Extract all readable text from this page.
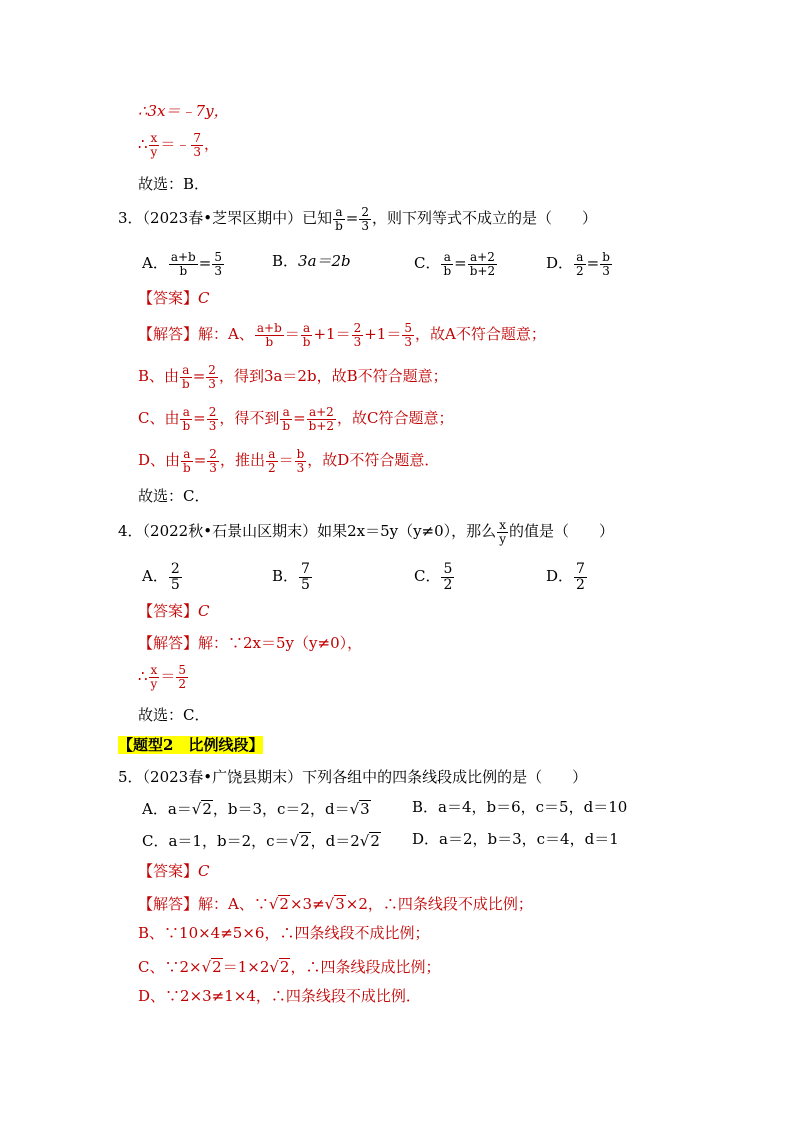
∴3x＝﹣7y，
∴ $\frac{x}{y}$ ＝﹣ $\frac{7}{3}$ ，
故选：B．
3．（2023春•芝罘区期中）已知 $\frac{a}{b} = \frac{2}{3}$ ，则下列等式不成立的是（　　）
A． $\frac{a+b}{b} = \frac{5}{3}$	B．3a＝2b	C． $\frac{a}{b} = \frac{a+2}{b+2}$	D． $\frac{a}{2} = \frac{b}{3}$
【答案】C
【解答】解：A、 $\frac{a+b}{b} = \frac{a}{b} +1= \frac{2}{3} +1= \frac{5}{3}$ ，故A不符合题意；
B、由 $\frac{a}{b} = \frac{2}{3}$ ，得到3a＝2b，故B不符合题意；
C、由 $\frac{a}{b} = \frac{2}{3}$ ，得不到 $\frac{a}{b} = \frac{a+2}{b+2}$ ，故C符合题意；
D、由 $\frac{a}{b} = \frac{2}{3}$ ，推出 $\frac{a}{2} = \frac{b}{3}$ ，故D不符合题意．
故选：C．
4．（2022秋•石景山区期末）如果2x＝5y（y≠0），那么 $\frac{x}{y}$ 的值是（　　）
A． $\frac{2}{5}$	B． $\frac{7}{5}$	C． $\frac{5}{2}$	D． $\frac{7}{2}$
【答案】C
【解答】解：∵2x＝5y（y≠0），
∴ $\frac{x}{y} = \frac{5}{2}$
故选：C．
【题型2　比例线段】
5．（2023春•广饶县期末）下列各组中的四条线段成比例的是（　　）
A．a＝√2，b＝3，c＝2，d＝√3	B．a＝4，b＝6，c＝5，d＝10
C．a＝1，b＝2，c＝√2，d＝2√2 D．a＝2，b＝3，c＝4，d＝1
【答案】C
【解答】解：A、∵√2×3≠√3×2，∴四条线段不成比例；
B、∵10×4≠5×6，∴四条线段不成比例；
C、∵2×√2＝1×2√2，∴四条线段成比例；
D、∵2×3≠1×4，∴四条线段不成比例．
